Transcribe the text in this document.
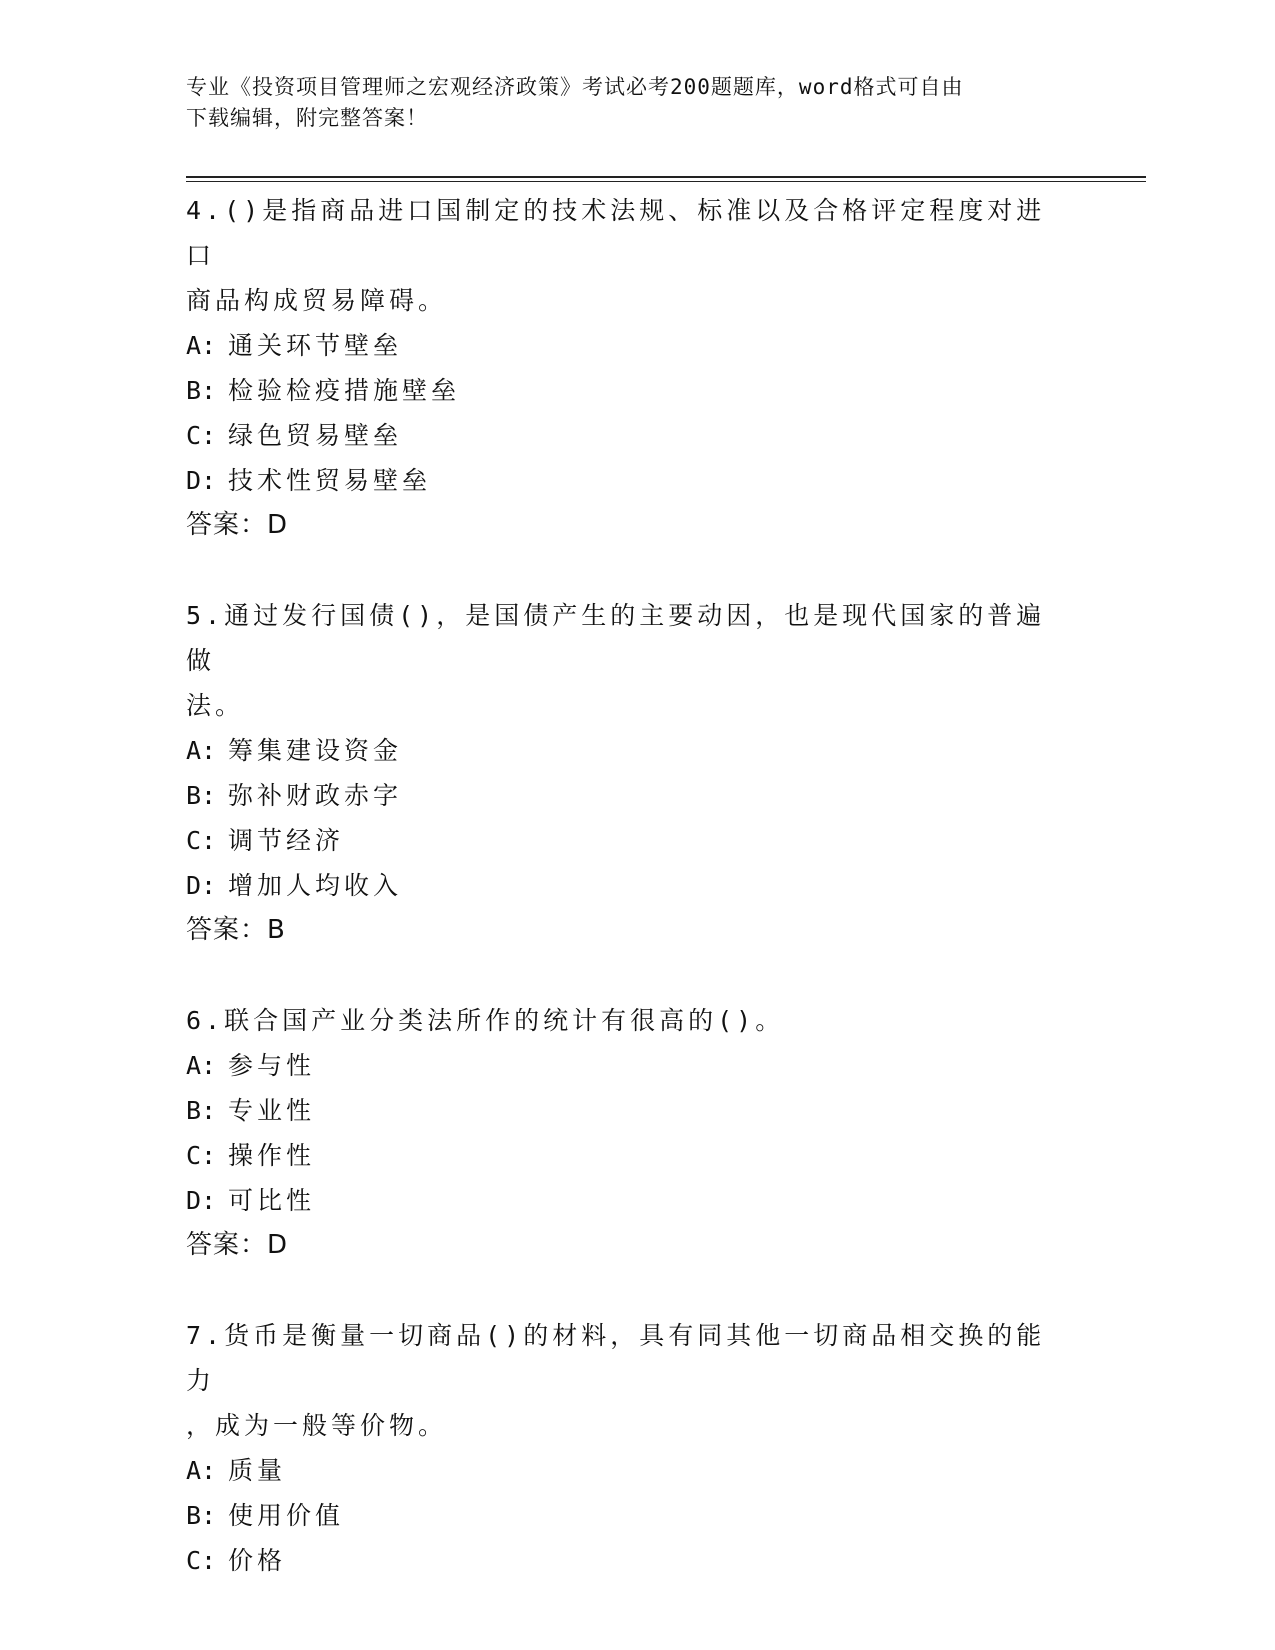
专业《投资项目管理师之宏观经济政策》考试必考200题题库，word格式可自由
下载编辑，附完整答案！
4.()是指商品进口国制定的技术法规、标准以及合格评定程度对进口
商品构成贸易障碍。
A: 通关环节壁垒
B: 检验检疫措施壁垒
C: 绿色贸易壁垒
D: 技术性贸易壁垒
答案：D
5.通过发行国债()，是国债产生的主要动因，也是现代国家的普遍做
法。
A: 筹集建设资金
B: 弥补财政赤字
C: 调节经济
D: 增加人均收入
答案：B
6.联合国产业分类法所作的统计有很高的()。
A: 参与性
B: 专业性
C: 操作性
D: 可比性
答案：D
7.货币是衡量一切商品()的材料，具有同其他一切商品相交换的能力
，成为一般等价物。
A: 质量
B: 使用价值
C: 价格
